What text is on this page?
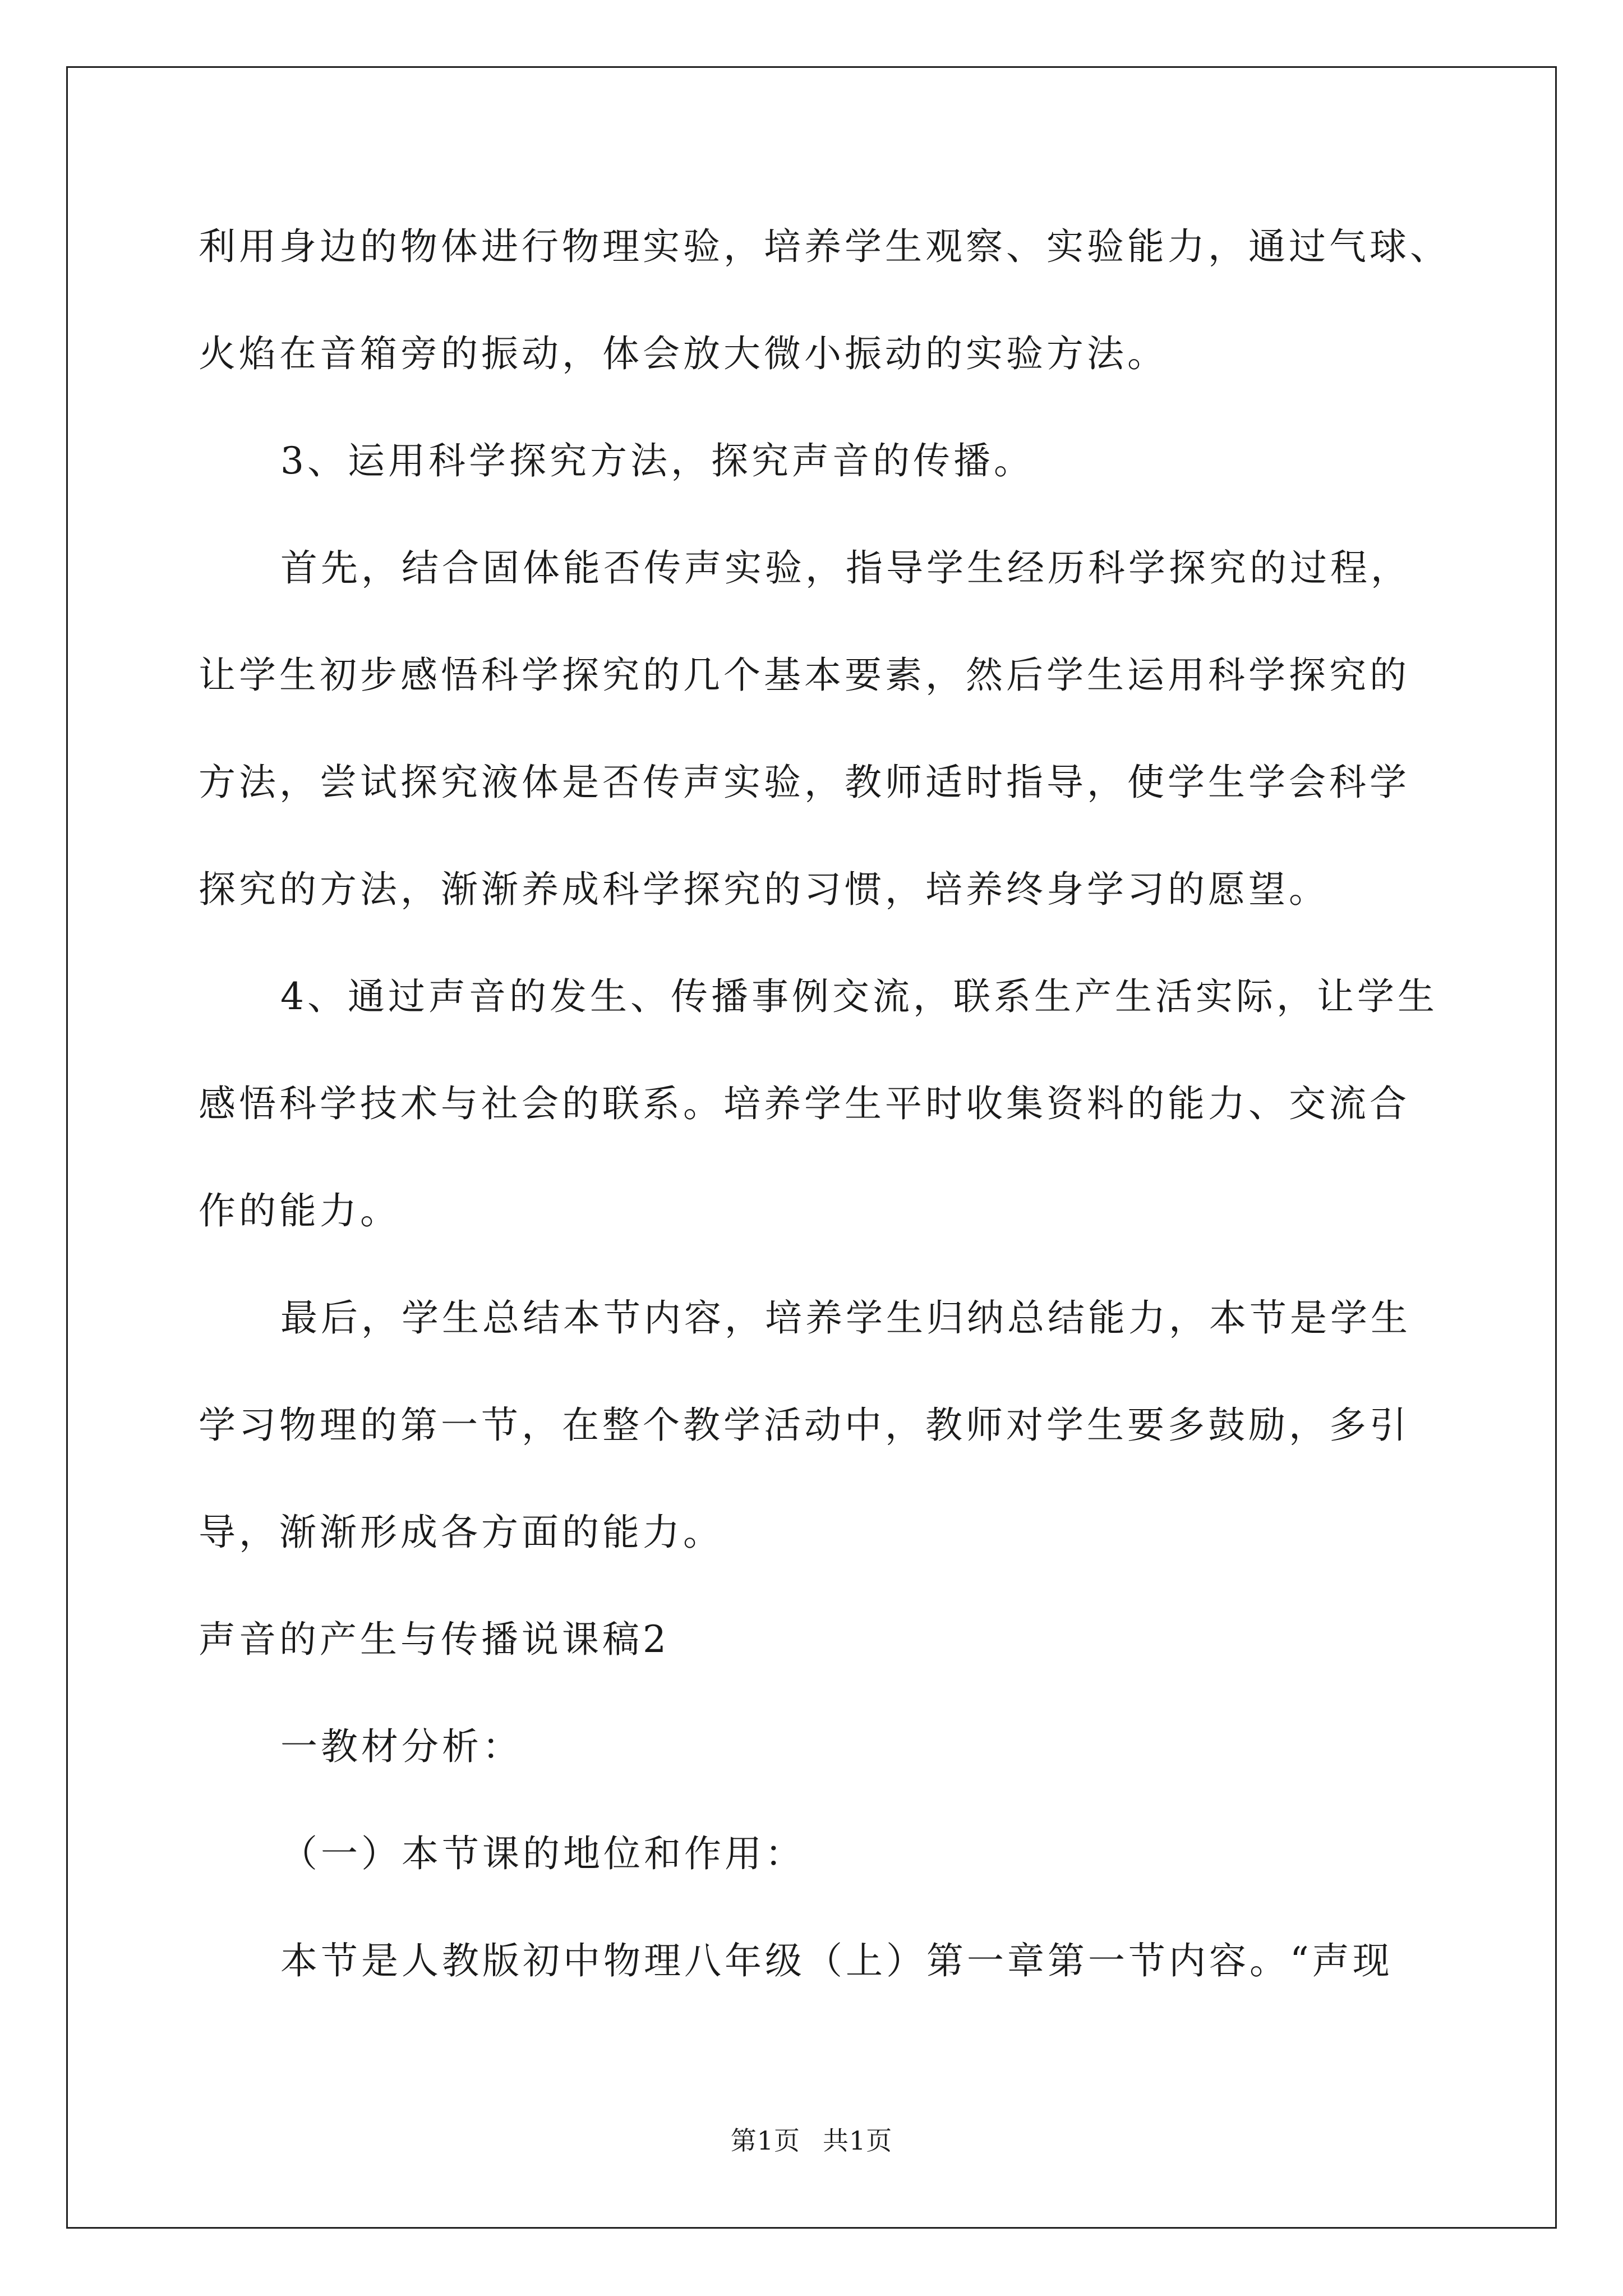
利用身边的物体进行物理实验，培养学生观察、实验能力，通过气球、
火焰在音箱旁的振动，体会放大微小振动的实验方法。
3、运用科学探究方法，探究声音的传播。
首先，结合固体能否传声实验，指导学生经历科学探究的过程，
让学生初步感悟科学探究的几个基本要素，然后学生运用科学探究的
方法，尝试探究液体是否传声实验，教师适时指导，使学生学会科学
探究的方法，渐渐养成科学探究的习惯，培养终身学习的愿望。
4、通过声音的发生、传播事例交流，联系生产生活实际，让学生
感悟科学技术与社会的联系。培养学生平时收集资料的能力、交流合
作的能力。
最后，学生总结本节内容，培养学生归纳总结能力，本节是学生
学习物理的第一节，在整个教学活动中，教师对学生要多鼓励，多引
导，渐渐形成各方面的能力。
声音的产生与传播说课稿2
一教材分析：
（一）本节课的地位和作用：
本节是人教版初中物理八年级（上）第一章第一节内容。“声现
第1页 共1页
